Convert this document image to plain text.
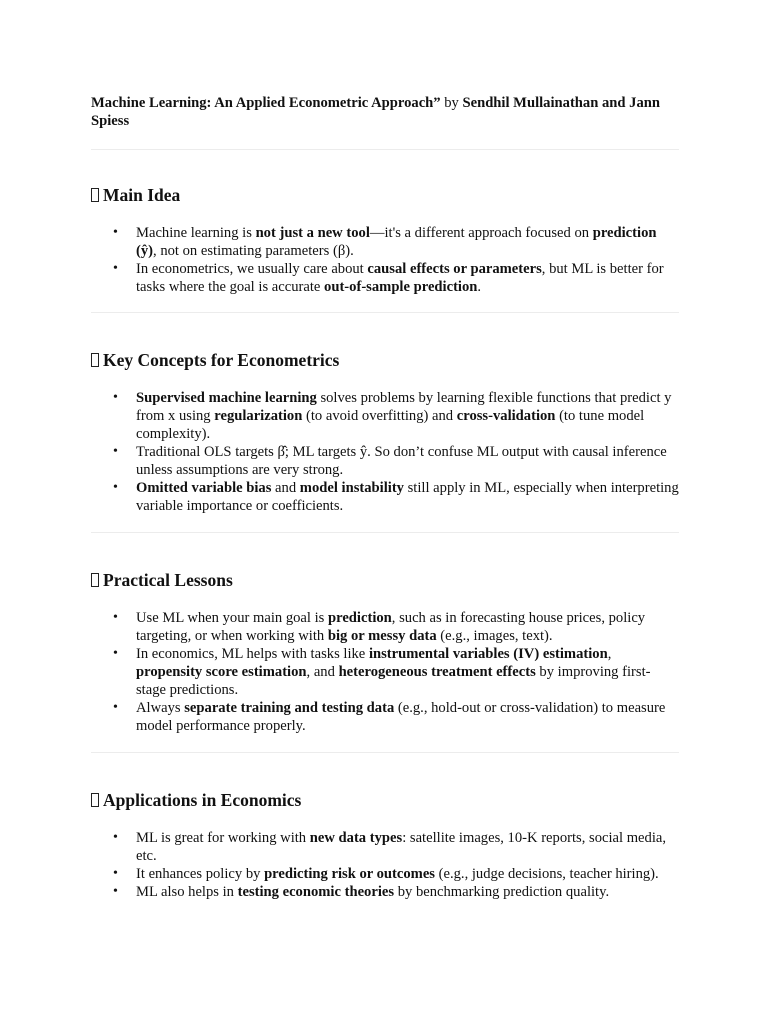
Machine Learning: An Applied Econometric Approach” by Sendhil Mullainathan and Jann Spiess

Main Idea
• Machine learning is not just a new tool—it's a different approach focused on prediction (ŷ), not on estimating parameters (β).
• In econometrics, we usually care about causal effects or parameters, but ML is better for tasks where the goal is accurate out-of-sample prediction.
Key Concepts for Econometrics
• Supervised machine learning solves problems by learning flexible functions that predict y from x using regularization (to avoid overfitting) and cross-validation (to tune model complexity).
• Traditional OLS targets β̂; ML targets ŷ. So don’t confuse ML output with causal inference unless assumptions are very strong.
• Omitted variable bias and model instability still apply in ML, especially when interpreting variable importance or coefficients.
Practical Lessons
• Use ML when your main goal is prediction, such as in forecasting house prices, policy targeting, or when working with big or messy data (e.g., images, text).
• In economics, ML helps with tasks like instrumental variables (IV) estimation, propensity score estimation, and heterogeneous treatment effects by improving first-stage predictions.
• Always separate training and testing data (e.g., hold-out or cross-validation) to measure model performance properly.
Applications in Economics
• ML is great for working with new data types: satellite images, 10-K reports, social media, etc.
• It enhances policy by predicting risk or outcomes (e.g., judge decisions, teacher hiring).
• ML also helps in testing economic theories by benchmarking prediction quality.
